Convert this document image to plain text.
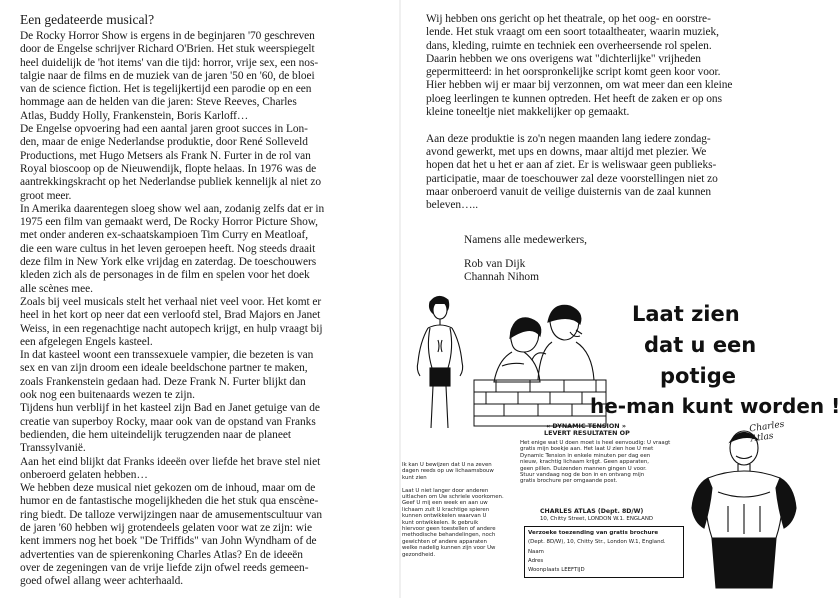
Een gedateerde musical?
De Rocky Horror Show is ergens in de beginjaren '70 geschreven
door de Engelse schrijver Richard O'Brien. Het stuk weerspiegelt
heel duidelijk de 'hot items' van die tijd: horror, vrije sex, een nos-
talgie naar de films en de muziek van de jaren '50 en '60, de bloei
van de science fiction. Het is tegelijkertijd een parodie op en een
hommage aan de helden van die jaren: Steve Reeves, Charles
Atlas, Buddy Holly, Frankenstein, Boris Karloff…
De Engelse opvoering had een aantal jaren groot succes in Lon-
den, maar de enige Nederlandse produktie, door René Solleveld
Productions, met Hugo Metsers als Frank N. Furter in de rol van
Royal bioscoop op de Nieuwendijk, flopte helaas. In 1976 was de
aantrekkingskracht op het Nederlandse publiek kennelijk al niet zo
groot meer.
In Amerika daarentegen sloeg show wel aan, zodanig zelfs dat er in
1975 een film van gemaakt werd, De Rocky Horror Picture Show,
met onder anderen ex-schaatskampioen Tim Curry en Meatloaf,
die een ware cultus in het leven geroepen heeft. Nog steeds draait
deze film in New York elke vrijdag en zaterdag. De toeschouwers
kleden zich als de personages in de film en spelen voor het doek
alle scènes mee.
Zoals bij veel musicals stelt het verhaal niet veel voor. Het komt er
heel in het kort op neer dat een verloofd stel, Brad Majors en Janet
Weiss, in een regenachtige nacht autopech krijgt, en hulp vraagt bij
een afgelegen Engels kasteel.
In dat kasteel woont een transsexuele vampier, die bezeten is van
sex en van zijn droom een ideale beeldschone partner te maken,
zoals Frankenstein gedaan had. Deze Frank N. Furter blijkt dan
ook nog een buitenaards wezen te zijn.
Tijdens hun verblijf in het kasteel zijn Bad en Janet getuige van de
creatie van superboy Rocky, maar ook van de opstand van Franks
bedienden, die hem uiteindelijk terugzenden naar de planeet
Transsylvanië.
Aan het eind blijkt dat Franks ideeën over liefde het brave stel niet
onberoerd gelaten hebben…
We hebben deze musical niet gekozen om de inhoud, maar om de
humor en de fantastische mogelijkheden die het stuk qua enscène-
ring biedt. De talloze verwijzingen naar de amusementscultuur van
de jaren '60 hebben wij grotendeels gelaten voor wat ze zijn: wie
kent immers nog het boek "De Triffids" van John Wyndham of de
advertenties van de spierenkoning Charles Atlas? En de ideeën
over de zegeningen van de vrije liefde zijn ofwel reeds gemeen-
goed ofwel allang weer achterhaald.
Wij hebben ons gericht op het theatrale, op het oog- en oorstre-
lende. Het stuk vraagt om een soort totaaltheater, waarin muziek,
dans, kleding, ruimte en techniek een overheersende rol spelen.
Daarin hebben we ons overigens wat "dichterlijke" vrijheden
gepermitteerd: in het oorspronkelijke script komt geen koor voor.
Hier hebben wij er maar bij verzonnen, om wat meer dan een kleine
ploeg leerlingen te kunnen optreden. Het heeft de zaken er op ons
kleine toneeltje niet makkelijker op gemaakt.
Aan deze produktie is zo'n negen maanden lang iedere zondag-
avond gewerkt, met ups en downs, maar altijd met plezier. We
hopen dat het u het er aan af ziet. Er is weliswaar geen publieks-
participatie, maar de toeschouwer zal deze voorstellingen niet zo
maar onberoerd vanuit de veilige duisternis van de zaal kunnen
beleven…..
Namens alle medewerkers,
Rob van Dijk
Channah Nihom
Laat zien
dat u een
potige
he-man kunt worden !
« DYNAMIC TENSION »
LEVERT RESULTATEN OP
Het enige wat U doen moet is heel eenvoudig: U vraagt
gratis mijn boekje aan. Het laat U zien hoe U met
Dynamic Tension in enkele minuten per dag een
nieuw, krachtig lichaam krijgt. Geen apparaten,
geen pillen. Duizenden mannen gingen U voor.
Stuur vandaag nog de bon in en ontvang mijn
gratis brochure per omgaande post.
Ik kan U bewijzen dat U na zeven
dagen reeds op uw lichaamsbouw
kunt zien

Laat U niet langer door anderen
uitlachen om Uw schriele voorkomen.
Geef U mij een week en aan uw
lichaam zult U krachtige spieren
kunnen ontwikkelen waarvan U
kunt ontwikkelen. Ik gebruik
hiervoor geen toestellen of andere
methodische behandelingen, noch
gewichten of andere apparaten
welke nadelig kunnen zijn voor Uw
gezondheid.
CHARLES ATLAS (Dept. 8D/W)
10, Chitty Street, LONDON W.1. ENGLAND
Verzoeke toezending van gratis brochure
(Dept. 8D/W), 10, Chitty Str., London W.1, England.
Naam
Adres
Woonplaats LEEFTIJD
Charles
Atlas
